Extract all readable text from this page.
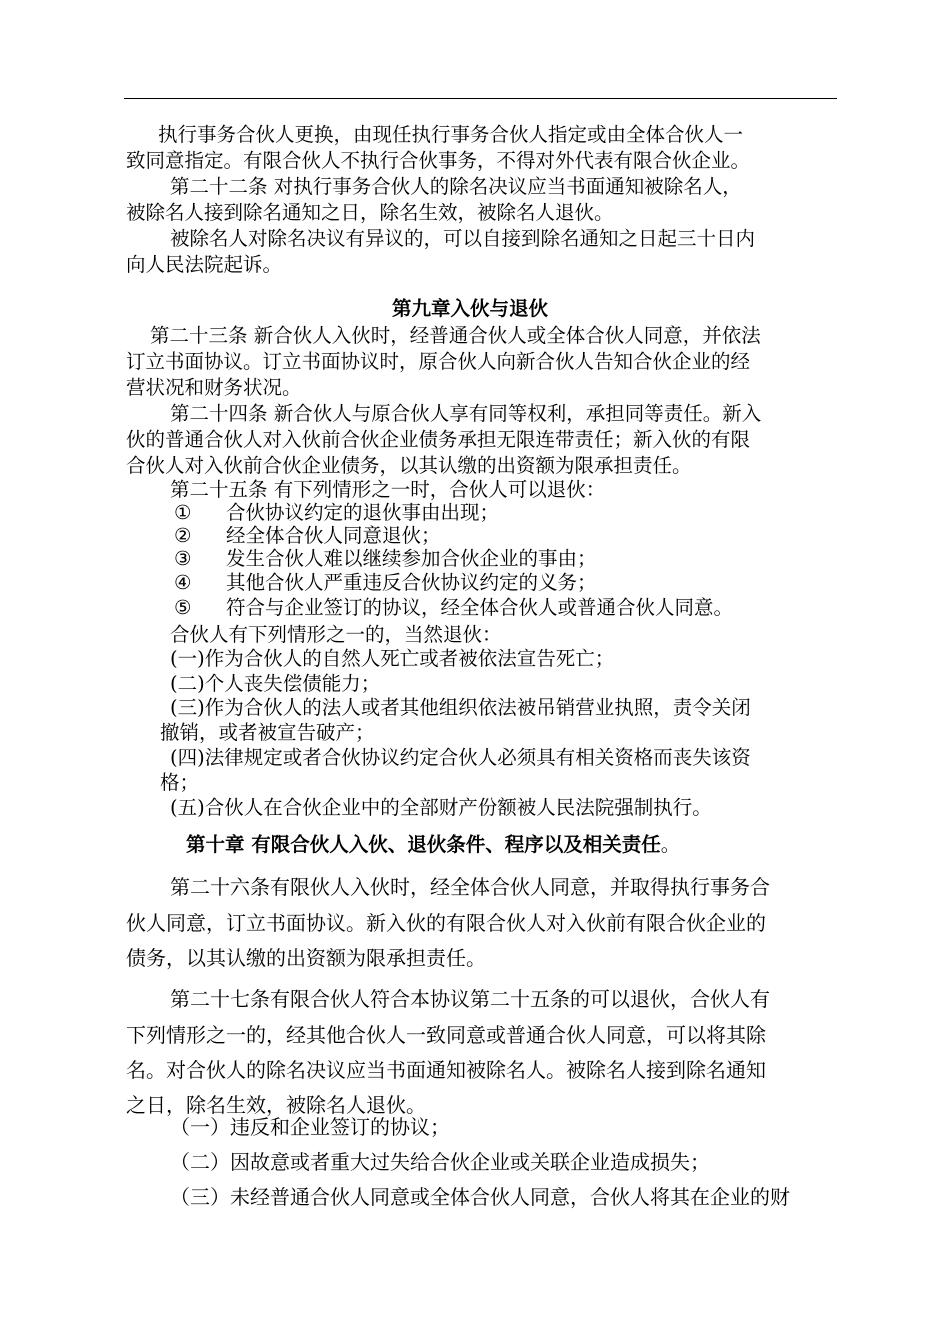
执行事务合伙人更换，由现任执行事务合伙人指定或由全体合伙人一
致同意指定。有限合伙人不执行合伙事务，不得对外代表有限合伙企业。
第二十二条 对执行事务合伙人的除名决议应当书面通知被除名人，
被除名人接到除名通知之日，除名生效，被除名人退伙。
被除名人对除名决议有异议的，可以自接到除名通知之日起三十日内
向人民法院起诉。
第九章入伙与退伙
第二十三条 新合伙人入伙时，经普通合伙人或全体合伙人同意，并依法
订立书面协议。订立书面协议时，原合伙人向新合伙人告知合伙企业的经
营状况和财务状况。
第二十四条 新合伙人与原合伙人享有同等权利，承担同等责任。新入
伙的普通合伙人对入伙前合伙企业债务承担无限连带责任；新入伙的有限
合伙人对入伙前合伙企业债务，以其认缴的出资额为限承担责任。
第二十五条 有下列情形之一时，合伙人可以退伙：
① 合伙协议约定的退伙事由出现；
② 经全体合伙人同意退伙；
③ 发生合伙人难以继续参加合伙企业的事由；
④ 其他合伙人严重违反合伙协议约定的义务；
⑤ 符合与企业签订的协议，经全体合伙人或普通合伙人同意。
合伙人有下列情形之一的，当然退伙：
(一)作为合伙人的自然人死亡或者被依法宣告死亡；
(二)个人丧失偿债能力；
(三)作为合伙人的法人或者其他组织依法被吊销营业执照，责令关闭
撤销，或者被宣告破产；
(四)法律规定或者合伙协议约定合伙人必须具有相关资格而丧失该资
格；
(五)合伙人在合伙企业中的全部财产份额被人民法院强制执行。
第十章 有限合伙人入伙、退伙条件、程序以及相关责任。
第二十六条有限伙人入伙时，经全体合伙人同意，并取得执行事务合
伙人同意，订立书面协议。新入伙的有限合伙人对入伙前有限合伙企业的
债务，以其认缴的出资额为限承担责任。
第二十七条有限合伙人符合本协议第二十五条的可以退伙，合伙人有
下列情形之一的，经其他合伙人一致同意或普通合伙人同意，可以将其除
名。对合伙人的除名决议应当书面通知被除名人。被除名人接到除名通知
之日，除名生效，被除名人退伙。
（一）违反和企业签订的协议；
（二）因故意或者重大过失给合伙企业或关联企业造成损失；
（三）未经普通合伙人同意或全体合伙人同意，合伙人将其在企业的财
